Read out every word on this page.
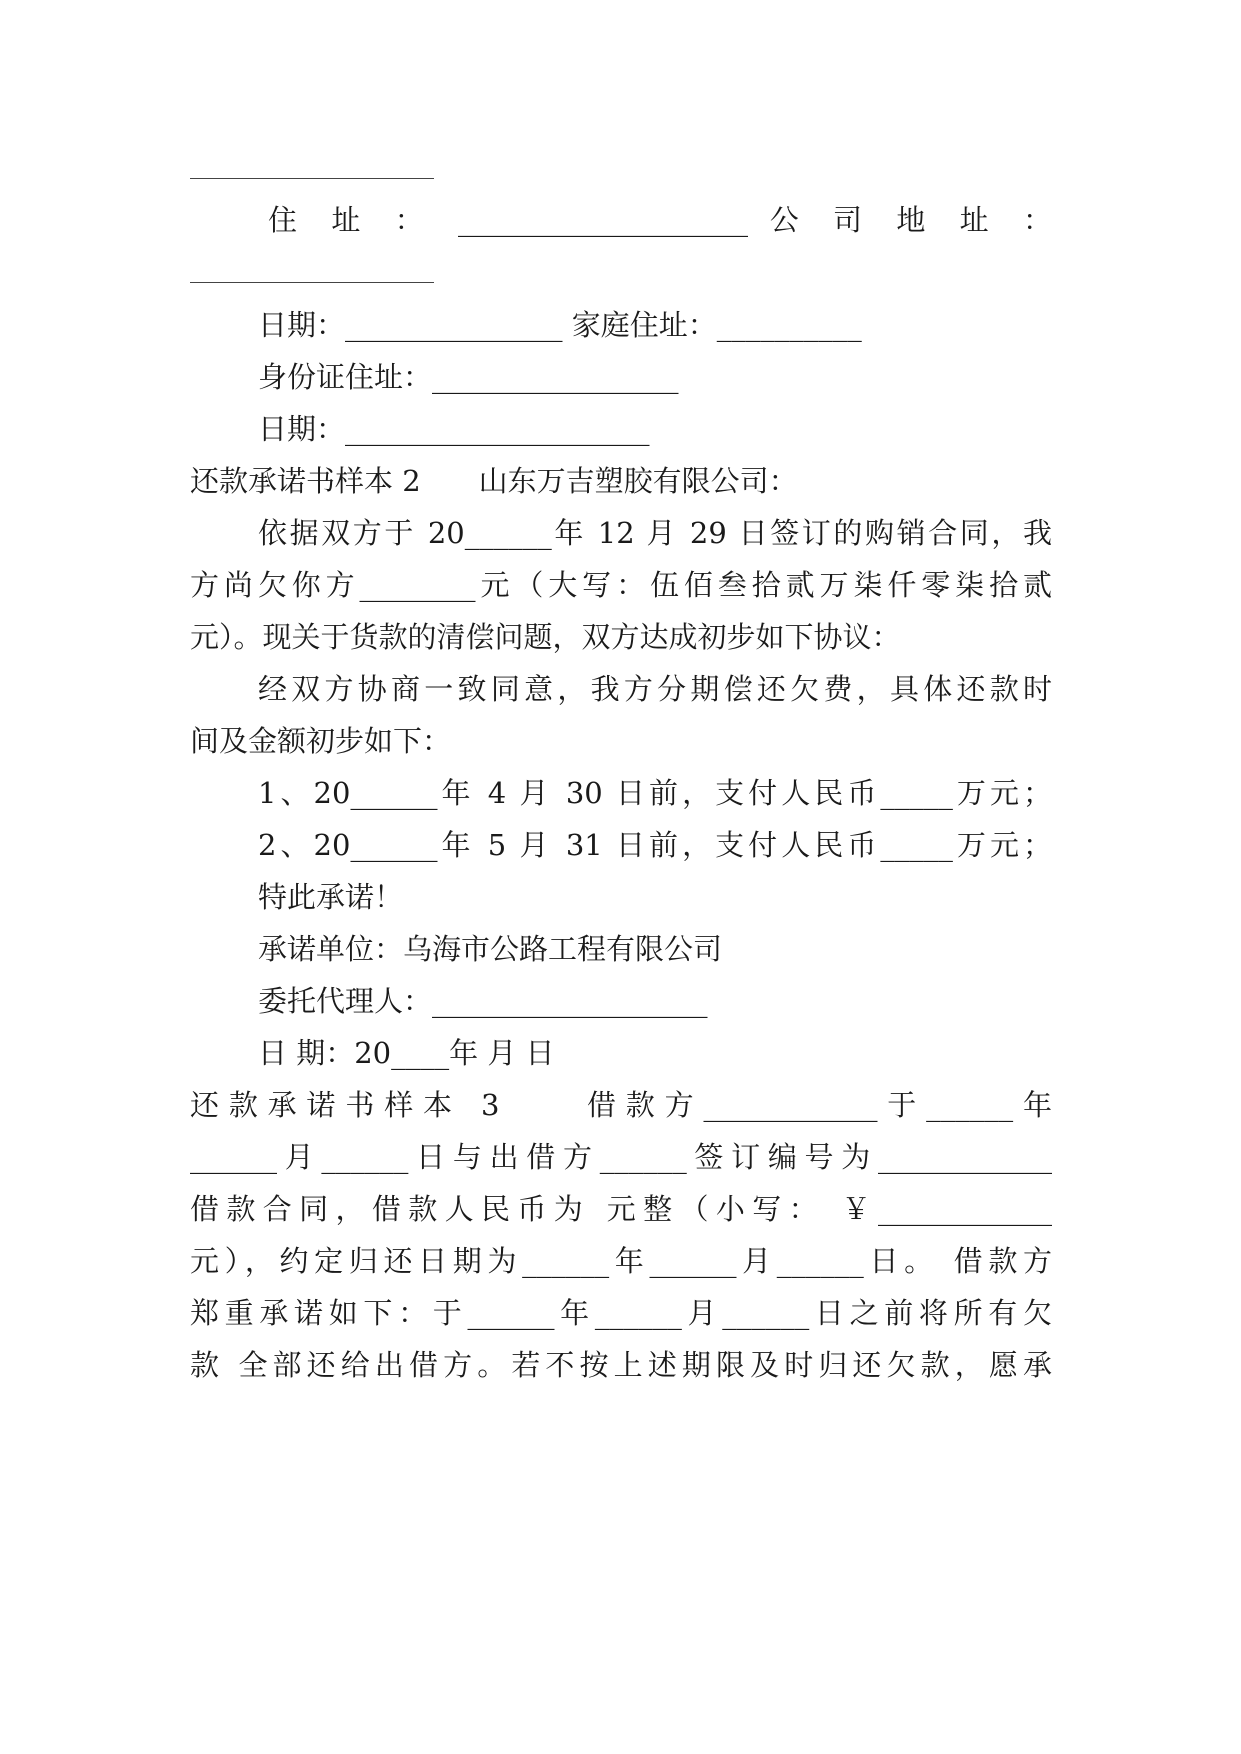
住 址 ： ____________________ 公 司 地 址 ：
日期：_______________ 家庭住址：__________
身份证住址：_________________
日期：_____________________
还款承诺书样本 2　　山东万吉塑胶有限公司：
依据双方于 20______年 12 月 29 日签订的购销合同，我
方尚欠你方________元（大写：伍佰叁拾贰万柒仟零柒拾贰
元）。现关于货款的清偿问题，双方达成初步如下协议：
经双方协商一致同意，我方分期偿还欠费，具体还款时
间及金额初步如下：
1、20______年 4 月 30 日前，支付人民币_____万元；
2、20______年 5 月 31 日前，支付人民币_____万元；
特此承诺！
承诺单位：乌海市公路工程有限公司
委托代理人：___________________
日 期：20____年 月 日
还款承诺书样本 3　　借款方____________于______年
______月______日与出借方______签订编号为____________
借款合同，借款人民币为 元整（小写： ￥____________
元），约定归还日期为______年______月______日。 借款方
郑重承诺如下：于______年______月______日之前将所有欠
款 全部还给出借方。若不按上述期限及时归还欠款，愿承
